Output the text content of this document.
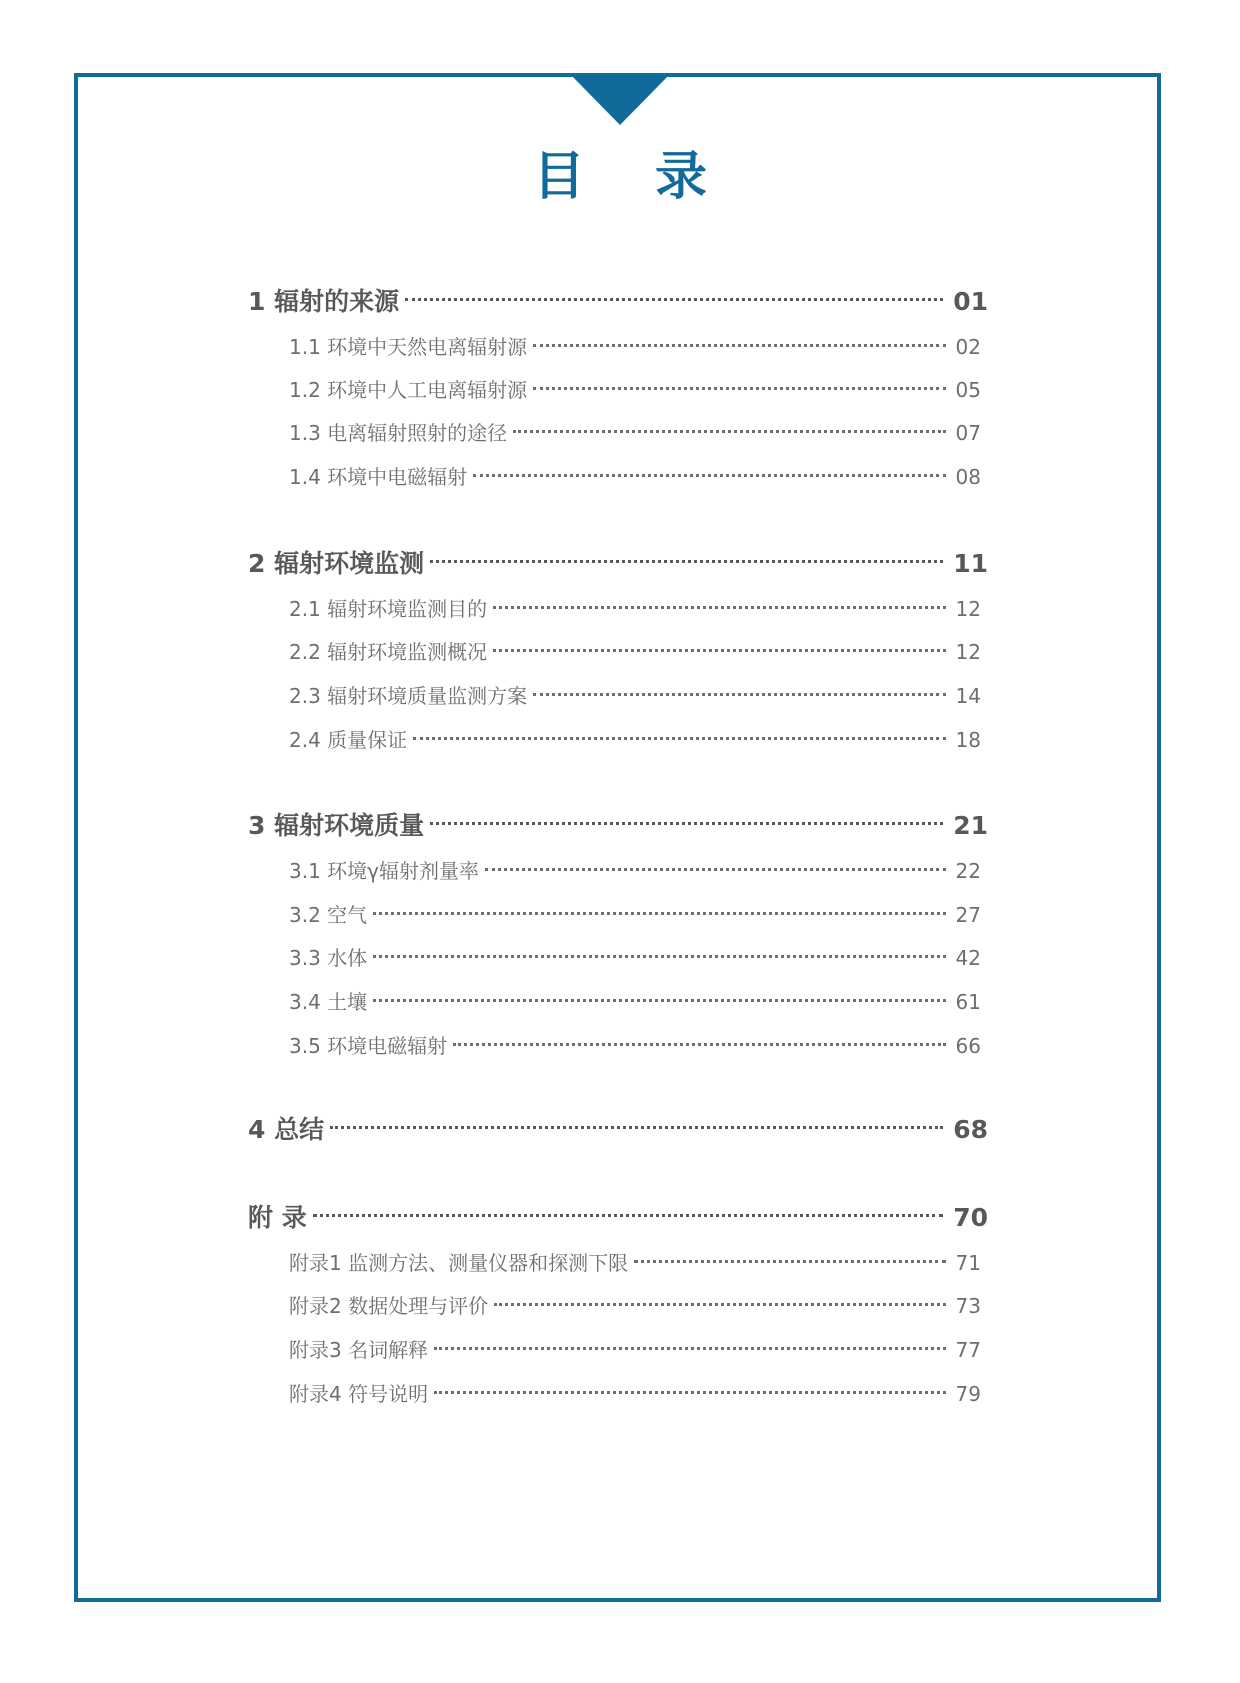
目 录
1 辐射的来源	01
1.1 环境中天然电离辐射源	02
1.2 环境中人工电离辐射源	05
1.3 电离辐射照射的途径	07
1.4 环境中电磁辐射	08
2 辐射环境监测	11
2.1 辐射环境监测目的	12
2.2 辐射环境监测概况	12
2.3 辐射环境质量监测方案	14
2.4 质量保证	18
3 辐射环境质量	21
3.1 环境γ辐射剂量率	22
3.2 空气	27
3.3 水体	42
3.4 土壤	61
3.5 环境电磁辐射	66
4 总结	68
附 录	70
附录1 监测方法、测量仪器和探测下限	71
附录2 数据处理与评价	73
附录3 名词解释	77
附录4 符号说明	79
